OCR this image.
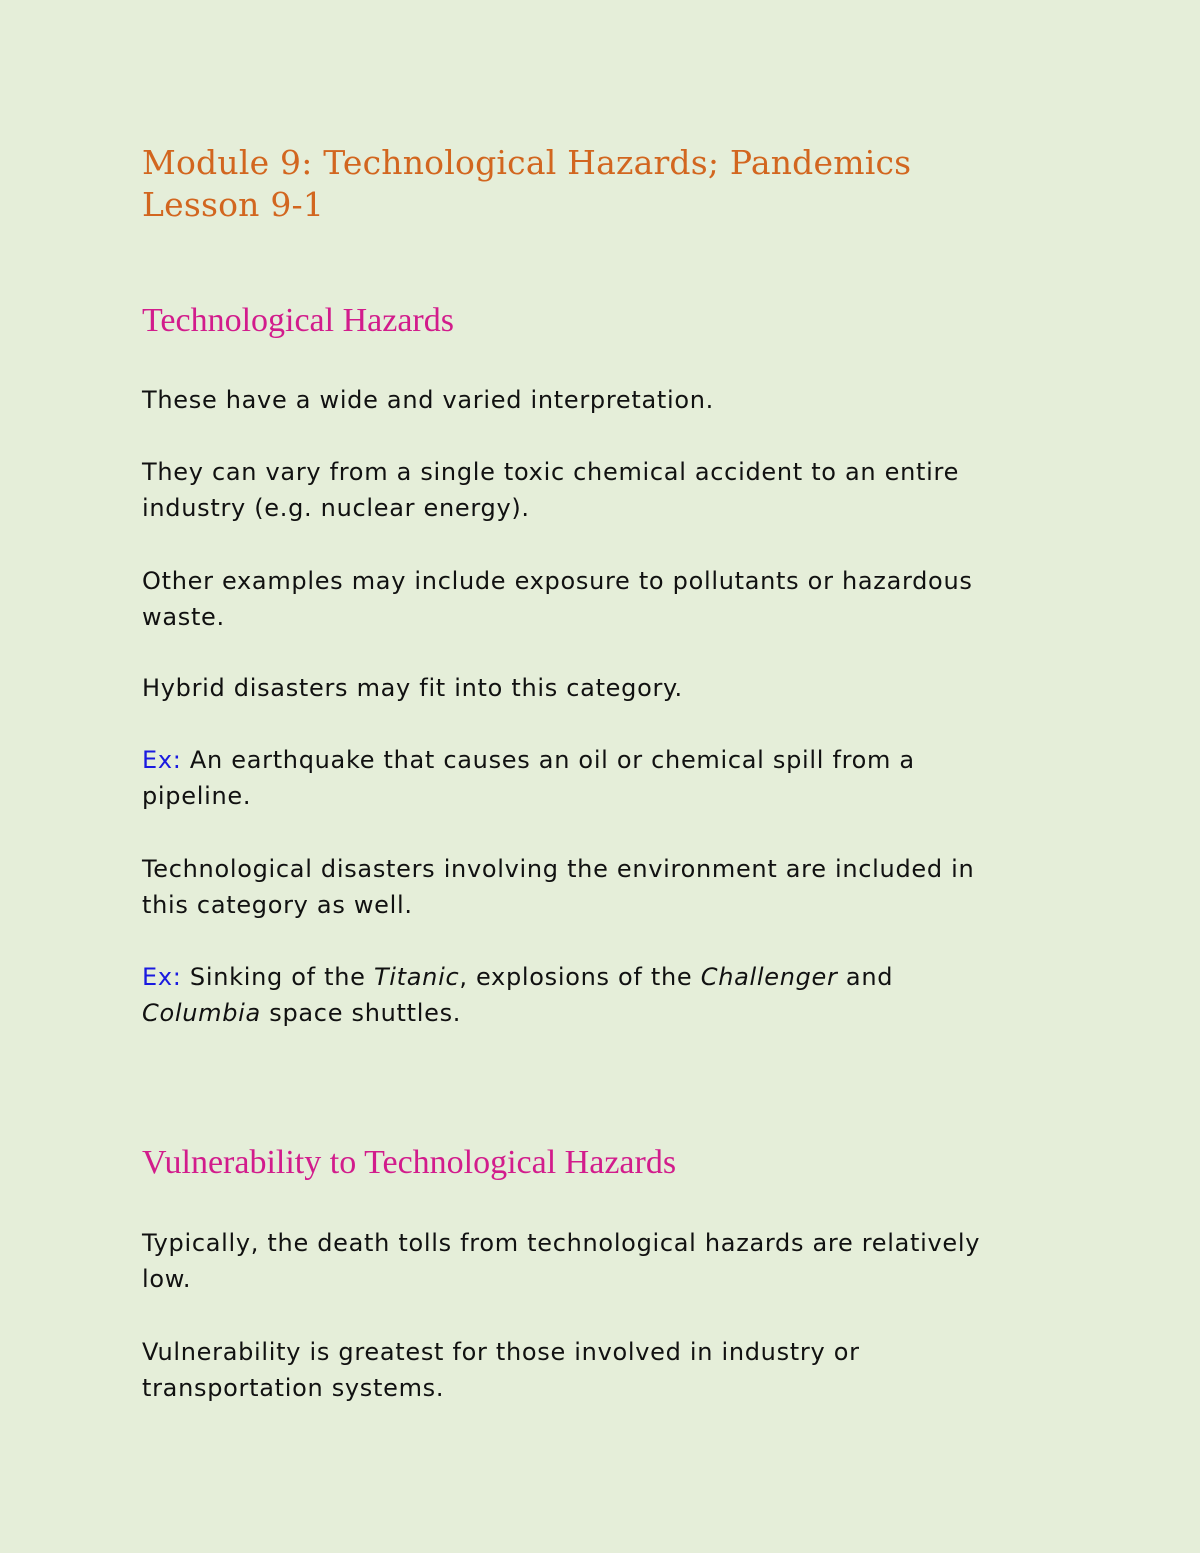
Module 9: Technological Hazards; Pandemics
Lesson 9-1
Technological Hazards

These have a wide and varied interpretation.

They can vary from a single toxic chemical accident to an entire
industry (e.g. nuclear energy).

Other examples may include exposure to pollutants or hazardous
waste.

Hybrid disasters may fit into this category.

Ex: An earthquake that causes an oil or chemical spill from a
pipeline.

Technological disasters involving the environment are included in
this category as well.

Ex: Sinking of the Titanic, explosions of the Challenger and
Columbia space shuttles.

Vulnerability to Technological Hazards

Typically, the death tolls from technological hazards are relatively
low.

Vulnerability is greatest for those involved in industry or
transportation systems.
